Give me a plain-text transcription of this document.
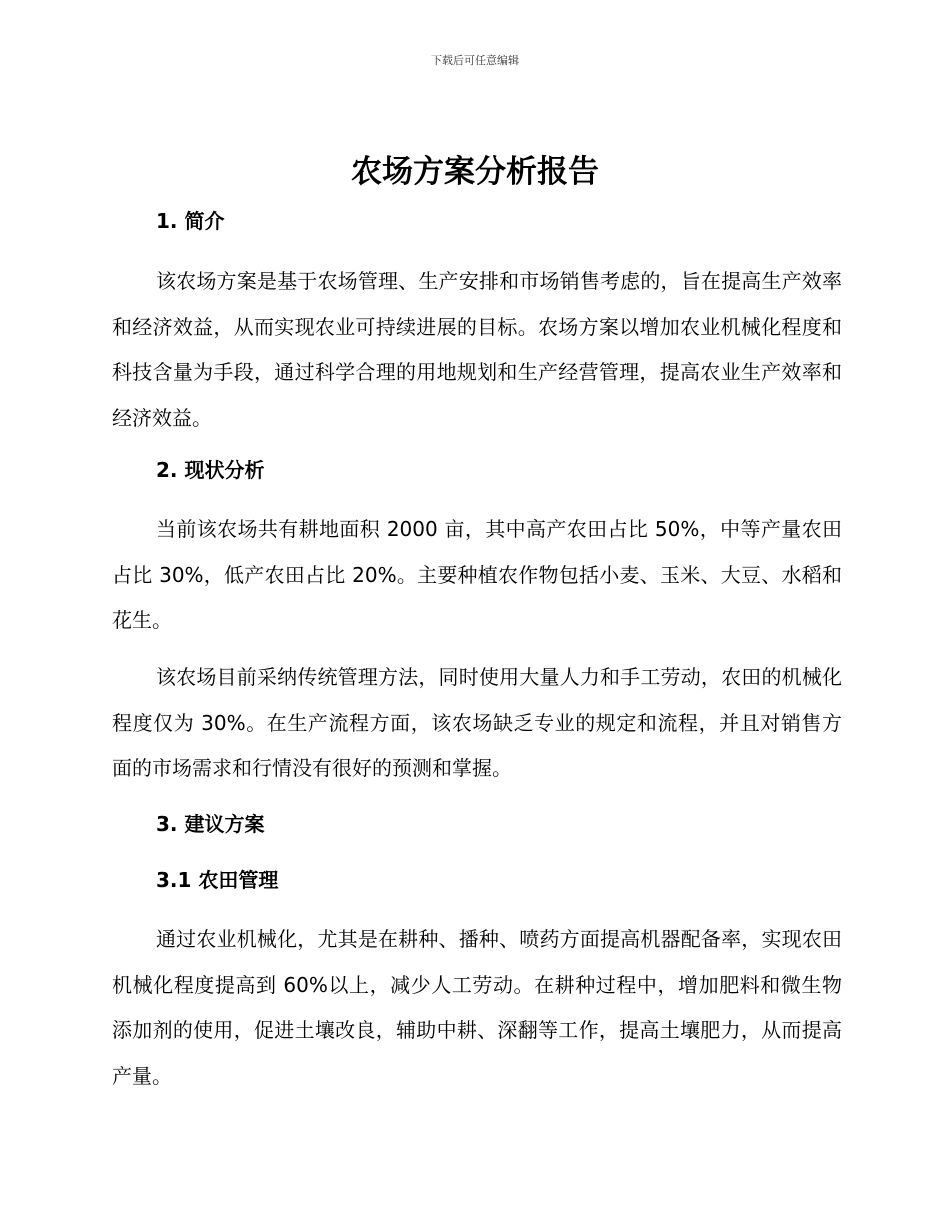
下载后可任意编辑
农场方案分析报告
1. 简介

该农场方案是基于农场管理、生产安排和市场销售考虑的，旨在提高生产效率和经济效益，从而实现农业可持续进展的目标。农场方案以增加农业机械化程度和科技含量为手段，通过科学合理的用地规划和生产经营管理，提高农业生产效率和经济效益。

2. 现状分析

当前该农场共有耕地面积 2000 亩，其中高产农田占比 50%，中等产量农田占比 30%，低产农田占比 20%。主要种植农作物包括小麦、玉米、大豆、水稻和花生。

该农场目前采纳传统管理方法，同时使用大量人力和手工劳动，农田的机械化程度仅为 30%。在生产流程方面，该农场缺乏专业的规定和流程，并且对销售方面的市场需求和行情没有很好的预测和掌握。

3. 建议方案
3.1 农田管理

通过农业机械化，尤其是在耕种、播种、喷药方面提高机器配备率，实现农田机械化程度提高到 60%以上，减少人工劳动。在耕种过程中，增加肥料和微生物添加剂的使用，促进土壤改良，辅助中耕、深翻等工作，提高土壤肥力，从而提高产量。
